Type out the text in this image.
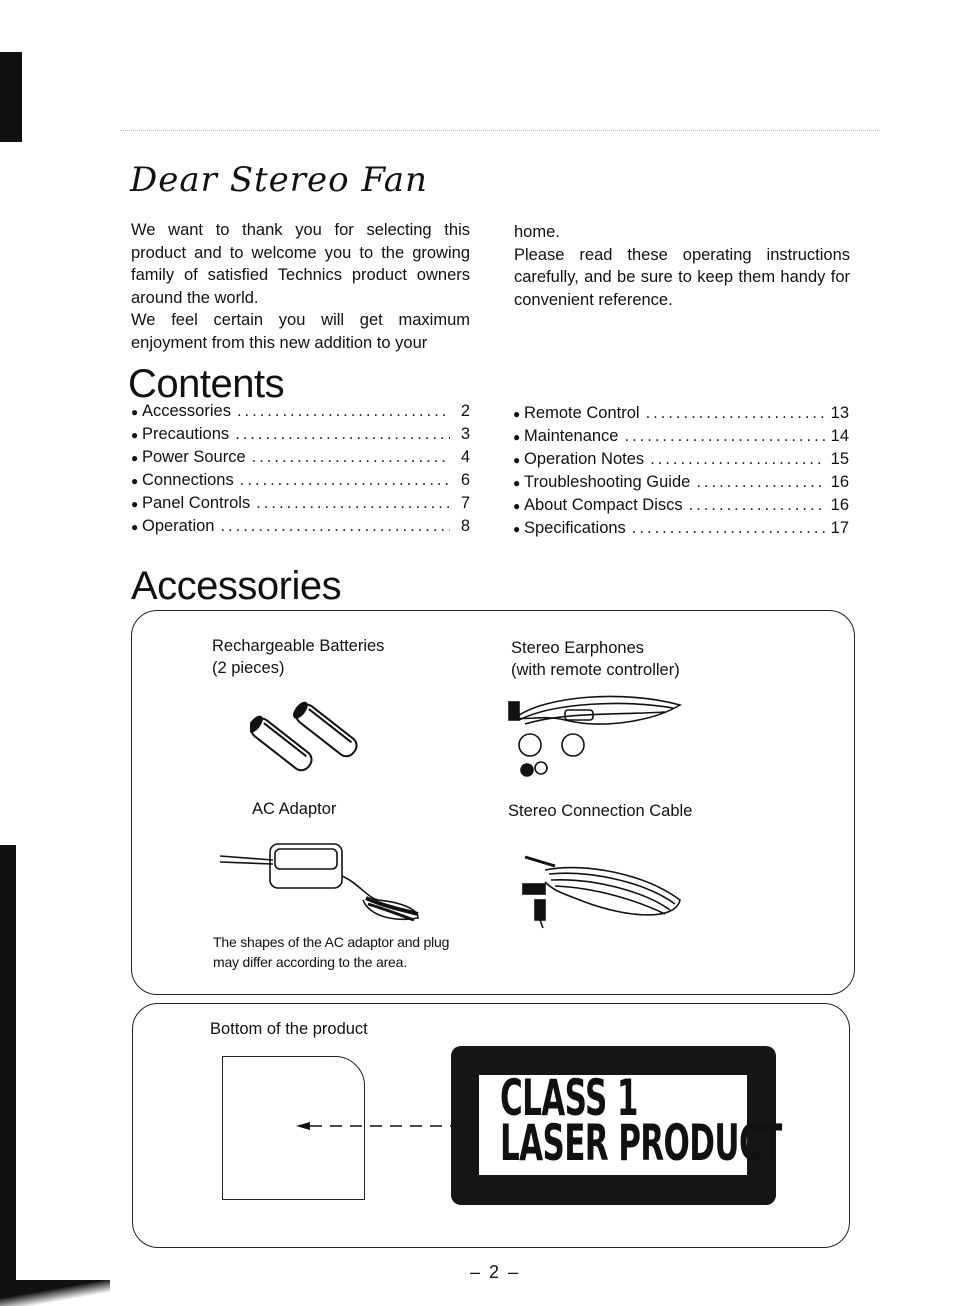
Dear Stereo Fan

We want to thank you for selecting this product and to welcome you to the growing family of satisfied Technics product owners around the world.

We feel certain you will get maximum enjoyment from this new addition to your

home.

Please read these operating instructions carefully, and be sure to keep them handy for convenient reference.

Contents
● Accessories .....	2
● Precautions .....	3
● Power Source .....	4
● Connections .....	6
● Panel Controls .....	7
● Operation .....	8
● Remote Control .....	13
● Maintenance .....	14
● Operation Notes .....	15
● Troubleshooting Guide .....	16
● About Compact Discs .....	16
● Specifications .....	17
Accessories
Rechargeable Batteries
(2 pieces)
Stereo Earphones
(with remote controller)
AC Adaptor	Stereo Connection Cable
The shapes of the AC adaptor and plug
may differ according to the area.
Bottom of the product
CLASS 1
LASER PRODUCT
– 2 –
